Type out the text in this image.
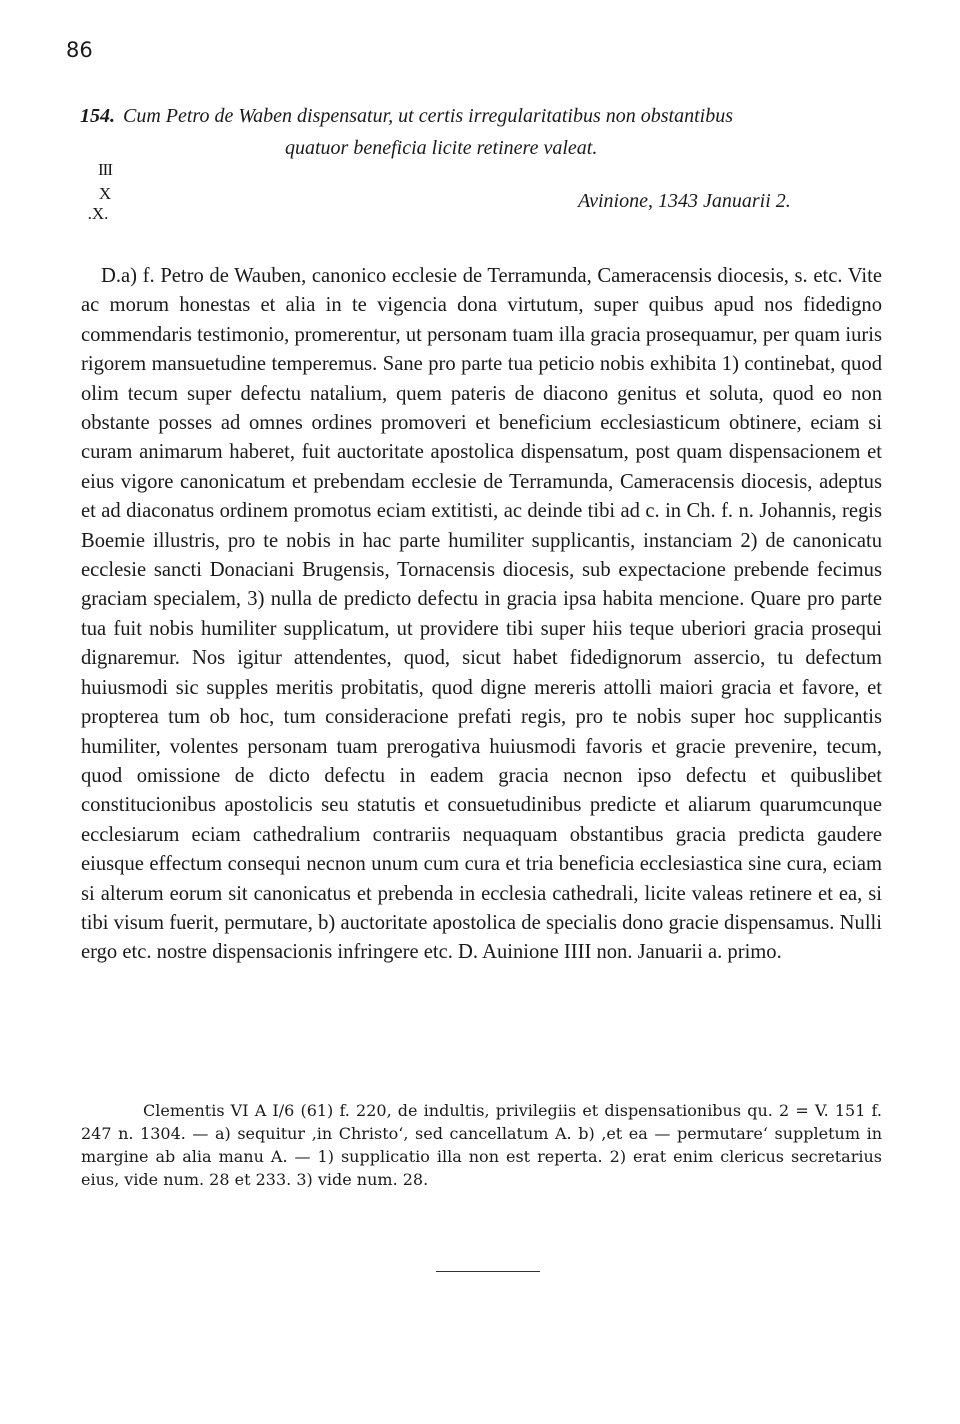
86
154. Cum Petro de Waben dispensatur, ut certis irregularitatibus non obstantibus
quatuor beneficia licite retinere valeat.
III
X
.X.
Avinione, 1343 Januarii 2.
D.a) f. Petro de Wauben, canonico ecclesie de Terramunda, Cameracensis diocesis, s. etc. Vite ac morum honestas et alia in te vigencia dona virtutum, super quibus apud nos fidedigno commendaris testimonio, promerentur, ut personam tuam illa gracia prosequamur, per quam iuris rigorem mansuetudine temperemus. Sane pro parte tua peticio nobis exhibita 1) continebat, quod olim tecum super defectu natalium, quem pateris de diacono genitus et soluta, quod eo non obstante posses ad omnes ordines promoveri et beneficium ecclesiasticum obtinere, eciam si curam animarum haberet, fuit auctoritate apostolica dispensatum, post quam dispensacionem et eius vigore canonicatum et prebendam ecclesie de Terramunda, Cameracensis diocesis, adeptus et ad diaconatus ordinem promotus eciam extitisti, ac deinde tibi ad c. in Ch. f. n. Johannis, regis Boemie illustris, pro te nobis in hac parte humiliter supplicantis, instanciam 2) de canonicatu ecclesie sancti Donaciani Brugensis, Tornacensis diocesis, sub expectacione prebende fecimus graciam specialem, 3) nulla de predicto defectu in gracia ipsa habita mencione. Quare pro parte tua fuit nobis humiliter supplicatum, ut providere tibi super hiis teque uberiori gracia prosequi dignaremur. Nos igitur attendentes, quod, sicut habet fidedignorum assercio, tu defectum huiusmodi sic supples meritis probitatis, quod digne mereris attolli maiori gracia et favore, et propterea tum ob hoc, tum consideracione prefati regis, pro te nobis super hoc supplicantis humiliter, volentes personam tuam prerogativa huiusmodi favoris et gracie prevenire, tecum, quod omissione de dicto defectu in eadem gracia necnon ipso defectu et quibuslibet constitucionibus apostolicis seu statutis et consuetudinibus predicte et aliarum quarumcunque ecclesiarum eciam cathedralium contrariis nequaquam obstantibus gracia predicta gaudere eiusque effectum consequi necnon unum cum cura et tria beneficia ecclesiastica sine cura, eciam si alterum eorum sit canonicatus et prebenda in ecclesia cathedrali, licite valeas retinere et ea, si tibi visum fuerit, permutare, b) auctoritate apostolica de specialis dono gracie dispensamus. Nulli ergo etc. nostre dispensacionis infringere etc. D. Auinione IIII non. Januarii a. primo.
Clementis VI A I/6 (61) f. 220, de indultis, privilegiis et dispensationibus qu. 2 = V. 151 f. 247 n. 1304. — a) sequitur ‚in Christo‘, sed cancellatum A. b) ‚et ea — permutare‘ suppletum in margine ab alia manu A. — 1) supplicatio illa non est reperta. 2) erat enim clericus secretarius eius, vide num. 28 et 233. 3) vide num. 28.
